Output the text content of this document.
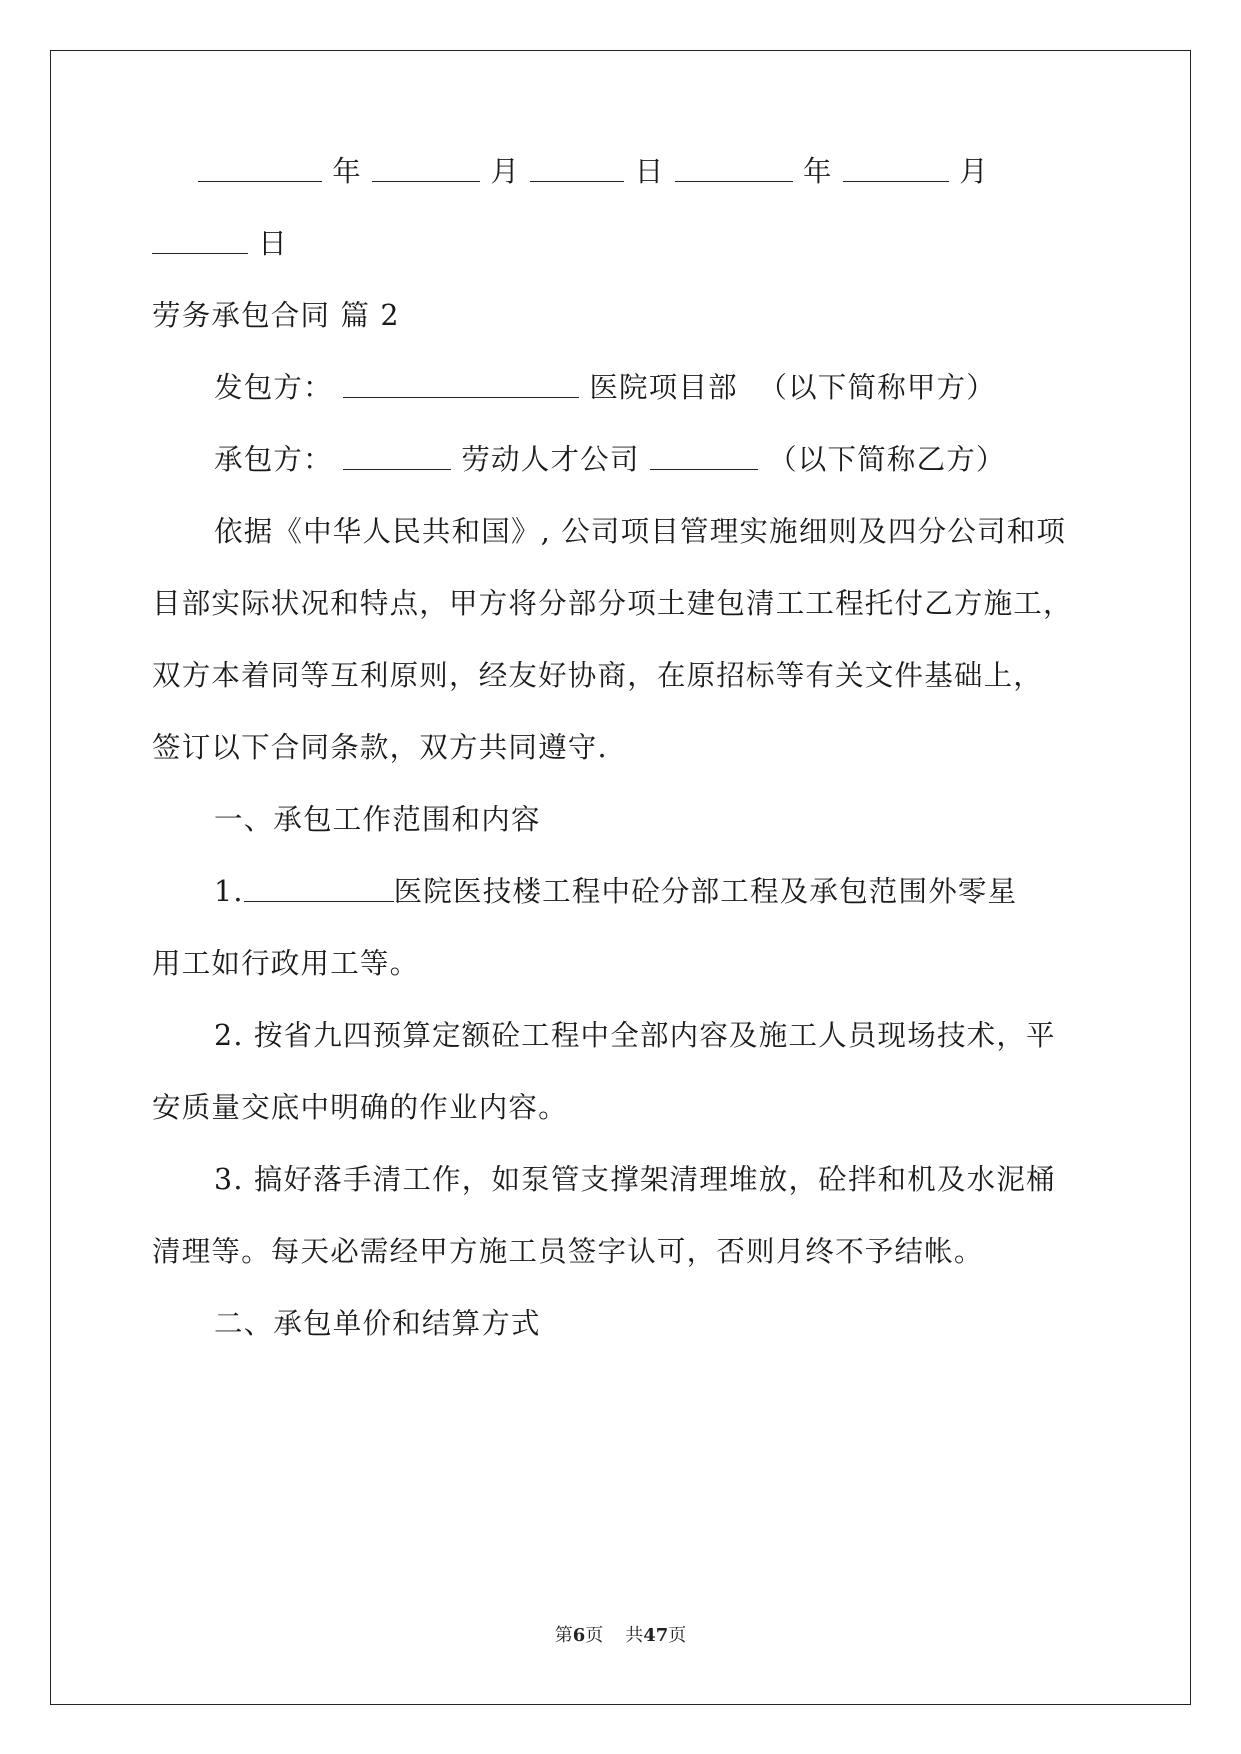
年	月	日	年	月

日

劳务承包合同 篇 2

发包方：	医院项目部 （以下简称甲方）

承包方：	劳动人才公司	（以下简称乙方）

依据《中华人民共和国》, 公司项目管理实施细则及四分公司和项

目部实际状况和特点，甲方将分部分项土建包清工工程托付乙方施工，

双方本着同等互利原则，经友好协商，在原招标等有关文件基础上，

签订以下合同条款，双方共同遵守.

一、承包工作范围和内容

1.	医院医技楼工程中砼分部工程及承包范围外零星

用工如行政用工等。

2. 按省九四预算定额砼工程中全部内容及施工人员现场技术，平

安质量交底中明确的作业内容。

3. 搞好落手清工作，如泵管支撑架清理堆放，砼拌和机及水泥桶

清理等。每天必需经甲方施工员签字认可，否则月终不予结帐。

二、承包单价和结算方式

第6页 共47页
